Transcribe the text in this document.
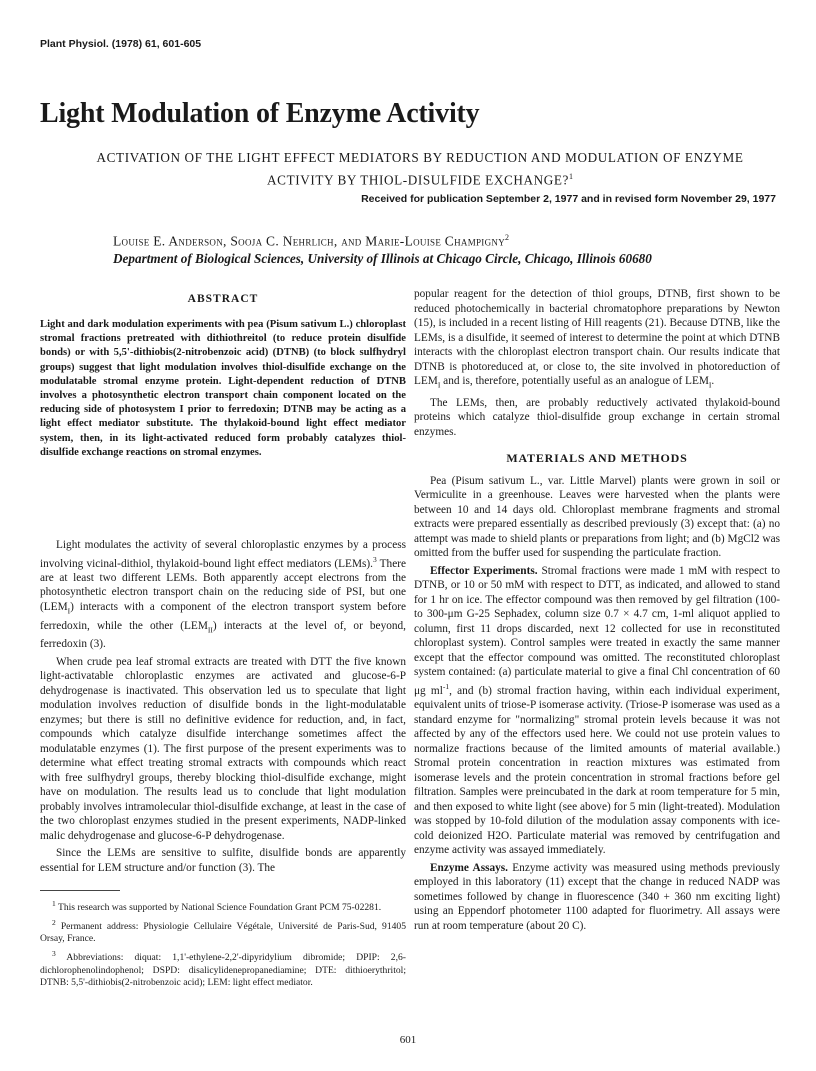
Plant Physiol. (1978) 61, 601-605
Light Modulation of Enzyme Activity
ACTIVATION OF THE LIGHT EFFECT MEDIATORS BY REDUCTION AND MODULATION OF ENZYME ACTIVITY BY THIOL-DISULFIDE EXCHANGE?$^1$
Received for publication September 2, 1977 and in revised form November 29, 1977
Louise E. Anderson, Sooja C. Nehrlich, and Marie-Louise Champigny$^2$
Department of Biological Sciences, University of Illinois at Chicago Circle, Chicago, Illinois 60680
ABSTRACT
Light and dark modulation experiments with pea (Pisum sativum L.) chloroplast stromal fractions pretreated with dithiothreitol (to reduce protein disulfide bonds) or with 5,5'-dithiobis(2-nitrobenzoic acid) (DTNB) (to block sulfhydryl groups) suggest that light modulation involves thiol-disulfide exchange on the modulatable stromal enzyme protein. Light-dependent reduction of DTNB involves a photosynthetic electron transport chain component located on the reducing side of photosystem I prior to ferredoxin; DTNB may be acting as a light effect mediator substitute. The thylakoid-bound light effect mediator system, then, in its light-activated reduced form probably catalyzes thiol-disulfide exchange reactions on stromal enzymes.

Light modulates the activity of several chloroplastic enzymes by a process involving vicinal-dithiol, thylakoid-bound light effect mediators (LEMs).$^3$ There are at least two different LEMs. Both apparently accept electrons from the photosynthetic electron transport chain on the reducing side of PSI, but one $(LEM_I)$ interacts with a component of the electron transport system before ferredoxin, while the other $(LEM_{II})$ interacts at the level of, or beyond, ferredoxin (3).

When crude pea leaf stromal extracts are treated with DTT the five known light-activatable chloroplastic enzymes are activated and glucose-6-P dehydrogenase is inactivated. This observation led us to speculate that light modulation involves reduction of disulfide bonds in the light-modulatable enzymes; but there is still no definitive evidence for reduction, and, in fact, compounds which catalyze disulfide interchange sometimes affect the modulatable enzymes (1). The first purpose of the present experiments was to determine what effect treating stromal extracts with compounds which react with free sulfhydryl groups, thereby blocking thiol-disulfide exchange, might have on modulation. The results lead us to conclude that light modulation probably involves intramolecular thiol-disulfide exchange, at least in the case of the two chloroplast enzymes studied in the present experiments, NADP-linked malic dehydrogenase and glucose-6-P dehydrogenase.

Since the LEMs are sensitive to sulfite, disulfide bonds are apparently essential for LEM structure and/or function (3). The

$^1$ This research was supported by National Science Foundation Grant PCM 75-02281.

$^2$ Permanent address: Physiologie Cellulaire Végétale, Université de Paris-Sud, 91405 Orsay, France.

$^3$ Abbreviations: diquat: 1,1'-ethylene-2,2'-dipyridylium dibromide; DPIP: 2,6-dichlorophenolindophenol; DSPD: disalicylidenepropanediamine; DTE: dithioerythritol; DTNB: 5,5'-dithiobis(2-nitrobenzoic acid); LEM: light effect mediator.

popular reagent for the detection of thiol groups, DTNB, first shown to be reduced photochemically in bacterial chromatophore preparations by Newton (15), is included in a recent listing of Hill reagents (21). Because DTNB, like the LEMs, is a disulfide, it seemed of interest to determine the point at which DTNB interacts with the chloroplast electron transport chain. Our results indicate that DTNB is photoreduced at, or close to, the site involved in photoreduction of $LEM_I$ and is, therefore, potentially useful as an analogue of $LEM_I$.

The LEMs, then, are probably reductively activated thylakoid-bound proteins which catalyze thiol-disulfide group exchange in certain stromal enzymes.

MATERIALS AND METHODS

Pea (Pisum sativum L., var. Little Marvel) plants were grown in soil or Vermiculite in a greenhouse. Leaves were harvested when the plants were between 10 and 14 days old. Chloroplast membrane fragments and stromal extracts were prepared essentially as described previously (3) except that: (a) no attempt was made to shield plants or preparations from light; and (b) MgCl2 was omitted from the buffer used for suspending the particulate fraction.

Effector Experiments. Stromal fractions were made 1 mM with respect to DTNB, or 10 or 50 mM with respect to DTT, as indicated, and allowed to stand for 1 hr on ice. The effector compound was then removed by gel filtration (100- to 300-μm G-25 Sephadex, column size 0.7 × 4.7 cm, 1-ml aliquot applied to column, first 11 drops discarded, next 12 collected for use in reconstituted chloroplast system). Control samples were treated in exactly the same manner except that the effector compound was omitted. The reconstituted chloroplast system contained: (a) particulate material to give a final Chl concentration of 60 μg $ml^{-1}$, and (b) stromal fraction having, within each individual experiment, equivalent units of triose-P isomerase activity. (Triose-P isomerase was used as a standard enzyme for "normalizing" stromal protein levels because it was not affected by any of the effectors used here. We could not use protein values to normalize fractions because of the limited amounts of material available.) Stromal protein concentration in reaction mixtures was estimated from isomerase levels and the protein concentration in stromal fractions before gel filtration. Samples were preincubated in the dark at room temperature for 5 min, and then exposed to white light (see above) for 5 min (light-treated). Modulation was stopped by 10-fold dilution of the modulation assay components with ice-cold deionized H2O. Particulate material was removed by centrifugation and enzyme activity was assayed immediately.

Enzyme Assays. Enzyme activity was measured using methods previously employed in this laboratory (11) except that the change in reduced NADP was sometimes followed by change in fluorescence (340 + 360 nm exciting light) using an Eppendorf photometer 1100 adapted for fluorimetry. All assays were run at room temperature (about 20 C).

601
